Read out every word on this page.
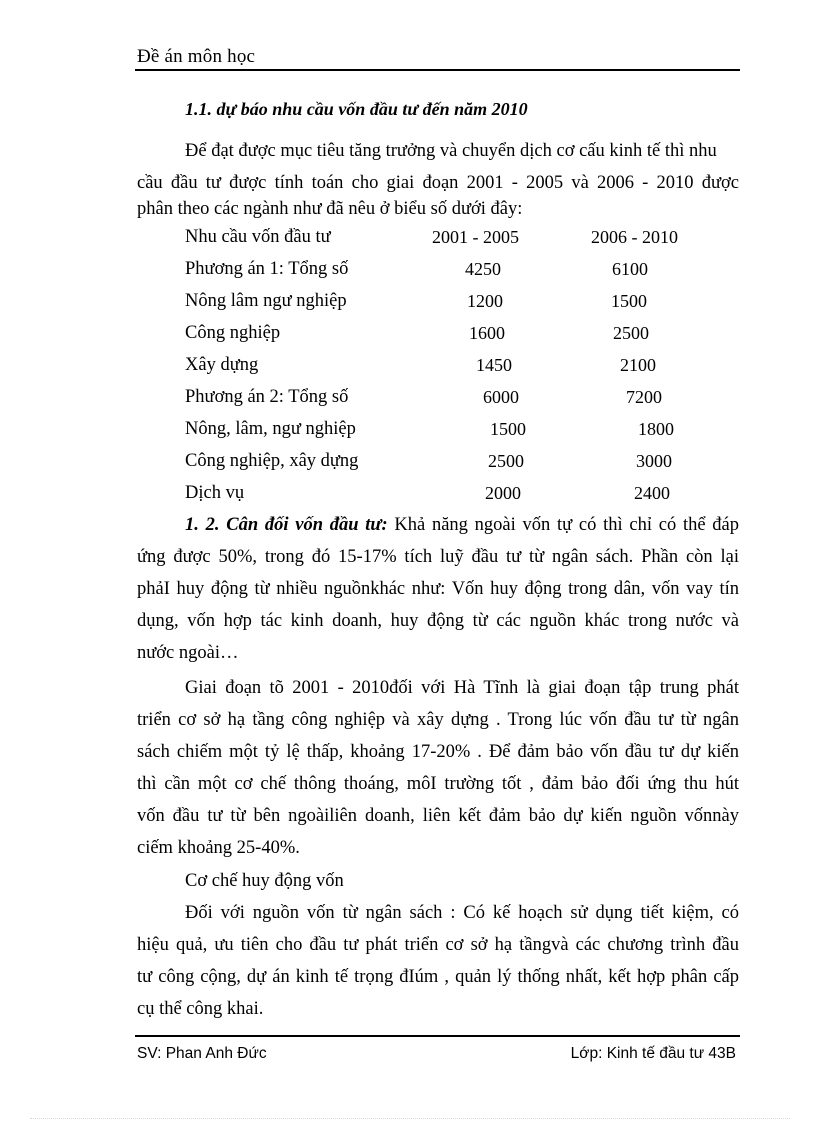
Đề án môn học
1.1. dự báo nhu cầu vốn đầu tư đến năm 2010
Để đạt được mục tiêu tăng trưởng và chuyển dịch cơ cấu kinh tế thì nhu
cầu đầu tư được tính toán cho giai đoạn 2001 - 2005 và 2006 - 2010 được
phân theo các ngành như đã nêu ở biểu số dưới đây:
Nhu cầu vốn đầu tư	2001 - 2005	2006 - 2010
Phương án 1: Tổng số	4250	6100
Nông lâm ngư nghiệp	1200	1500
Công nghiệp	1600	2500
Xây dựng	1450	2100
Phương án 2: Tổng số	6000	7200
Nông, lâm, ngư nghiệp	1500	1800
Công nghiệp, xây dựng	2500	3000
Dịch vụ	2000	2400
1. 2. Cân đối vốn đầu tư: Khả năng ngoài vốn tự có thì chỉ có thể đáp
ứng được 50%, trong đó 15-17% tích luỹ đầu tư từ ngân sách. Phần còn lại
phảI huy động từ nhiều nguồnkhác như: Vốn huy động trong dân, vốn vay tín
dụng, vốn hợp tác kinh doanh, huy động từ các nguồn khác trong nước và
nước ngoài…
Giai đoạn tõ 2001 - 2010đối với Hà Tĩnh là giai đoạn tập trung phát
triển cơ sở hạ tầng công nghiệp và xây dựng . Trong lúc vốn đầu tư từ ngân
sách chiếm một tỷ lệ thấp, khoảng 17-20% . Để đảm bảo vốn đầu tư dự kiến
thì cần một cơ chế thông thoáng, môI trường tốt , đảm bảo đối ứng thu hút
vốn đầu tư từ bên ngoàiliên doanh, liên kết đảm bảo dự kiến nguồn vốnnày
ciếm khoảng 25-40%.
Cơ chế huy động vốn
Đối với nguồn vốn từ ngân sách : Có kế hoạch sử dụng tiết kiệm, có
hiệu quả, ưu tiên cho đầu tư phát triển cơ sở hạ tầngvà các chương trình đầu
tư công cộng, dự án kinh tế trọng đIúm , quản lý thống nhất, kết hợp phân cấp
cụ thể công khai.
SV: Phan Anh Đức	Lớp: Kinh tế đầu tư 43B
